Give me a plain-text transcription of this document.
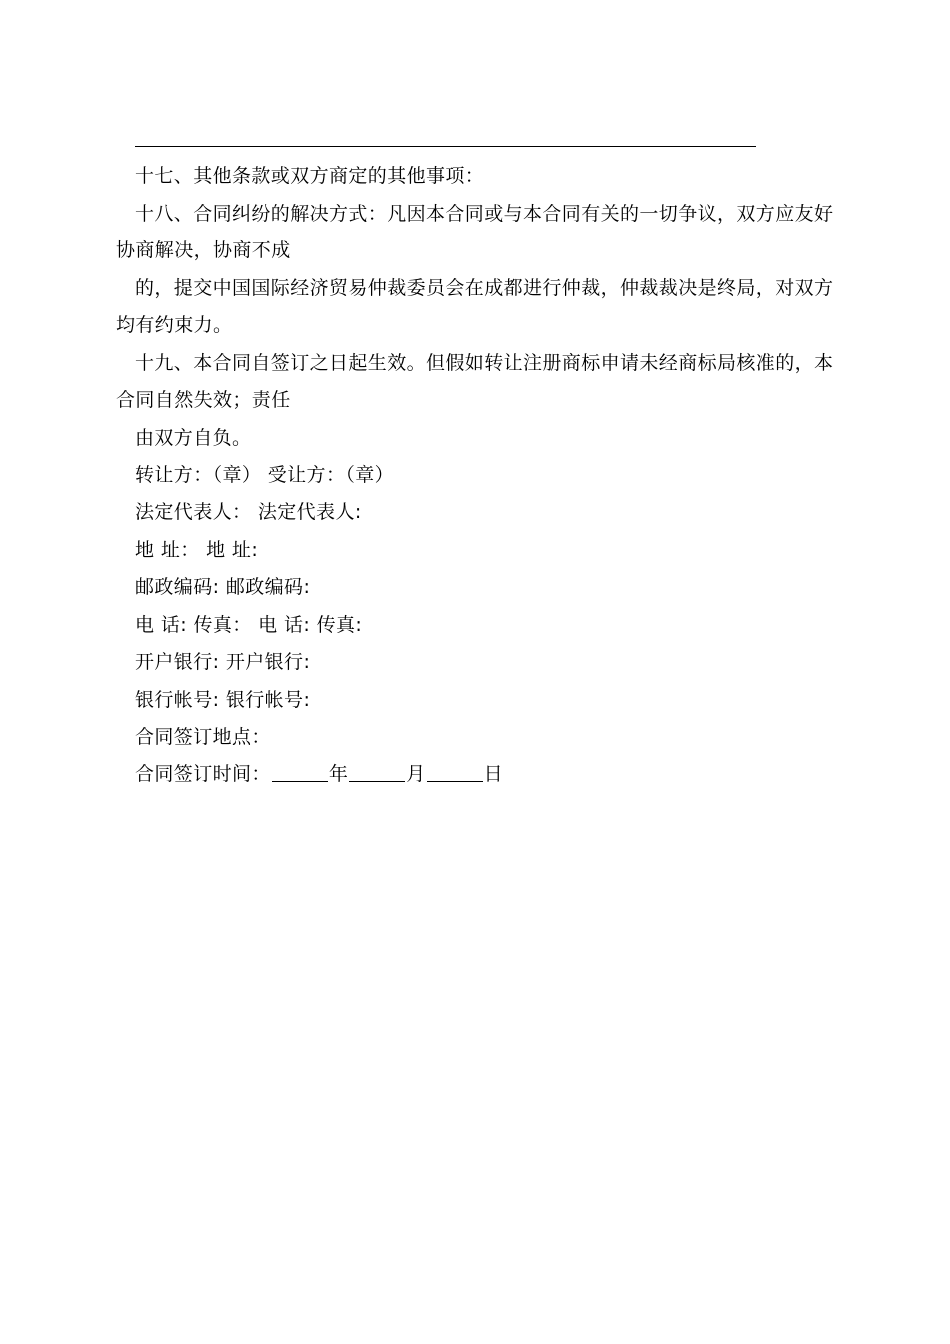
十七、其他条款或双方商定的其他事项：
十八、合同纠纷的解决方式：凡因本合同或与本合同有关的一切争议，双方应友好
协商解决，协商不成
的，提交中国国际经济贸易仲裁委员会在成都进行仲裁，仲裁裁决是终局，对双方
均有约束力。
十九、本合同自签订之日起生效。但假如转让注册商标申请未经商标局核准的，本
合同自然失效；责任
由双方自负。
转让方：（章） 受让方：（章）
法定代表人： 法定代表人:
地 址： 地 址:
邮政编码: 邮政编码:
电 话: 传真： 电 话: 传真:
开户银行: 开户银行:
银行帐号: 银行帐号:
合同签订地点：
合同签订时间：	年	月	日
